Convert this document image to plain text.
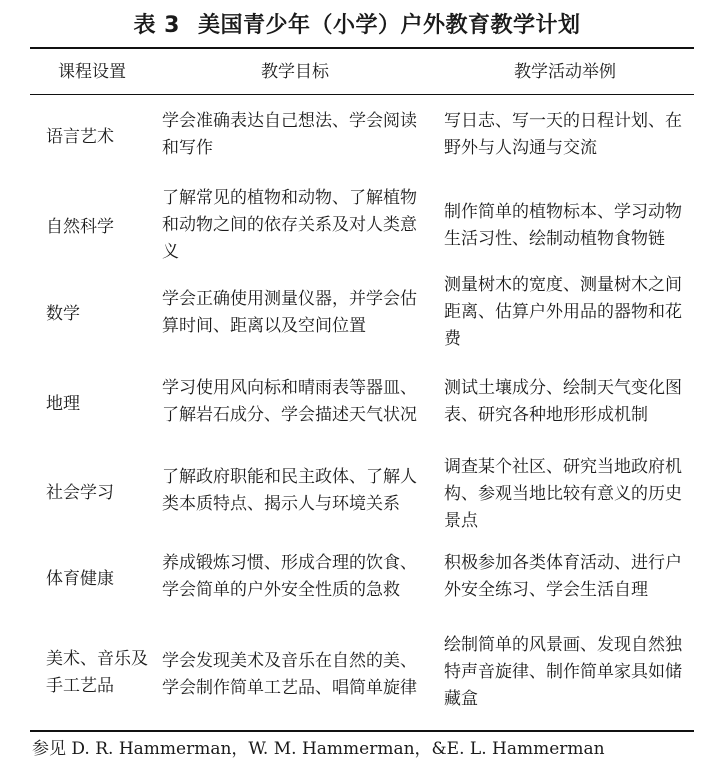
表 3 美国青少年（小学）户外教育教学计划
课程设置	教学目标	教学活动举例
语言艺术
学会准确表达自己想法、学会阅读和写作
写日志、写一天的日程计划、在野外与人沟通与交流
自然科学
了解常见的植物和动物、了解植物和动物之间的依存关系及对人类意义
制作简单的植物标本、学习动物生活习性、绘制动植物食物链
数学
学会正确使用测量仪器，并学会估算时间、距离以及空间位置
测量树木的宽度、测量树木之间距离、估算户外用品的器物和花费
地理
学习使用风向标和晴雨表等器皿、了解岩石成分、学会描述天气状况
测试土壤成分、绘制天气变化图表、研究各种地形形成机制
社会学习
了解政府职能和民主政体、了解人类本质特点、揭示人与环境关系
调查某个社区、研究当地政府机构、参观当地比较有意义的历史景点
体育健康
养成锻炼习惯、形成合理的饮食、学会简单的户外安全性质的急救
积极参加各类体育活动、进行户外安全练习、学会生活自理
美术、音乐及手工艺品
学会发现美术及音乐在自然的美、学会制作简单工艺品、唱简单旋律
绘制简单的风景画、发现自然独特声音旋律、制作简单家具如储藏盒
参见 D. R. Hammerman，W. M. Hammerman，&E. L. Hammerman
